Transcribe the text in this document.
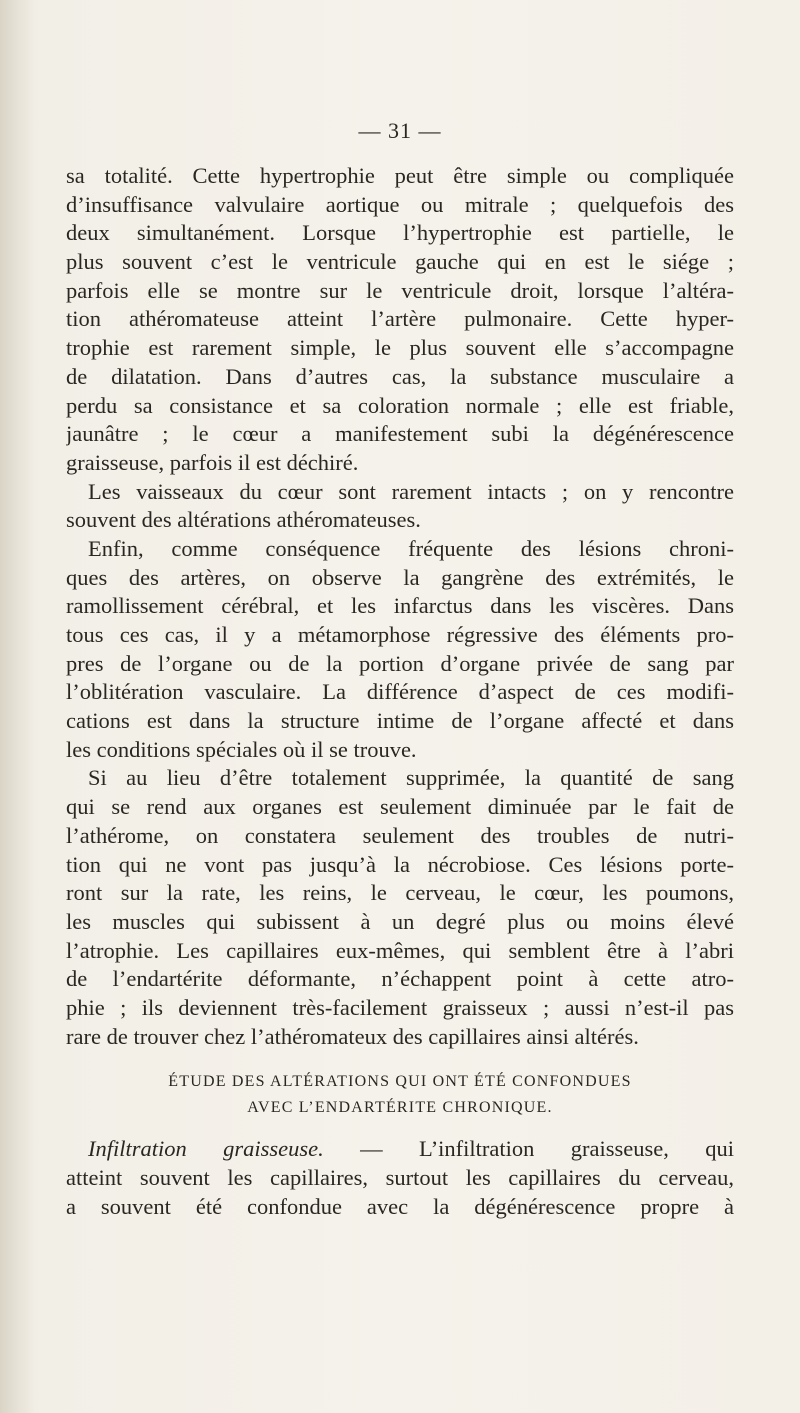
— 31 —
sa totalité. Cette hypertrophie peut être simple ou compliquée
d’insuffisance valvulaire aortique ou mitrale ; quelquefois des
deux simultanément. Lorsque l’hypertrophie est partielle, le
plus souvent c’est le ventricule gauche qui en est le siége ;
parfois elle se montre sur le ventricule droit, lorsque l’altéra-
tion athéromateuse atteint l’artère pulmonaire. Cette hyper-
trophie est rarement simple, le plus souvent elle s’accompagne
de dilatation. Dans d’autres cas, la substance musculaire a
perdu sa consistance et sa coloration normale ; elle est friable,
jaunâtre ; le cœur a manifestement subi la dégénérescence
graisseuse, parfois il est déchiré.
Les vaisseaux du cœur sont rarement intacts ; on y rencontre
souvent des altérations athéromateuses.
Enfin, comme conséquence fréquente des lésions chroni-
ques des artères, on observe la gangrène des extrémités, le
ramollissement cérébral, et les infarctus dans les viscères. Dans
tous ces cas, il y a métamorphose régressive des éléments pro-
pres de l’organe ou de la portion d’organe privée de sang par
l’oblitération vasculaire. La différence d’aspect de ces modifi-
cations est dans la structure intime de l’organe affecté et dans
les conditions spéciales où il se trouve.
Si au lieu d’être totalement supprimée, la quantité de sang
qui se rend aux organes est seulement diminuée par le fait de
l’athérome, on constatera seulement des troubles de nutri-
tion qui ne vont pas jusqu’à la nécrobiose. Ces lésions porte-
ront sur la rate, les reins, le cerveau, le cœur, les poumons,
les muscles qui subissent à un degré plus ou moins élevé
l’atrophie. Les capillaires eux-mêmes, qui semblent être à l’abri
de l’endartérite déformante, n’échappent point à cette atro-
phie ; ils deviennent très-facilement graisseux ; aussi n’est-il pas
rare de trouver chez l’athéromateux des capillaires ainsi altérés.
ÉTUDE DES ALTÉRATIONS QUI ONT ÉTÉ CONFONDUES
AVEC L’ENDARTÉRITE CHRONIQUE.
Infiltration graisseuse. — L’infiltration graisseuse, qui
atteint souvent les capillaires, surtout les capillaires du cerveau,
a souvent été confondue avec la dégénérescence propre à
